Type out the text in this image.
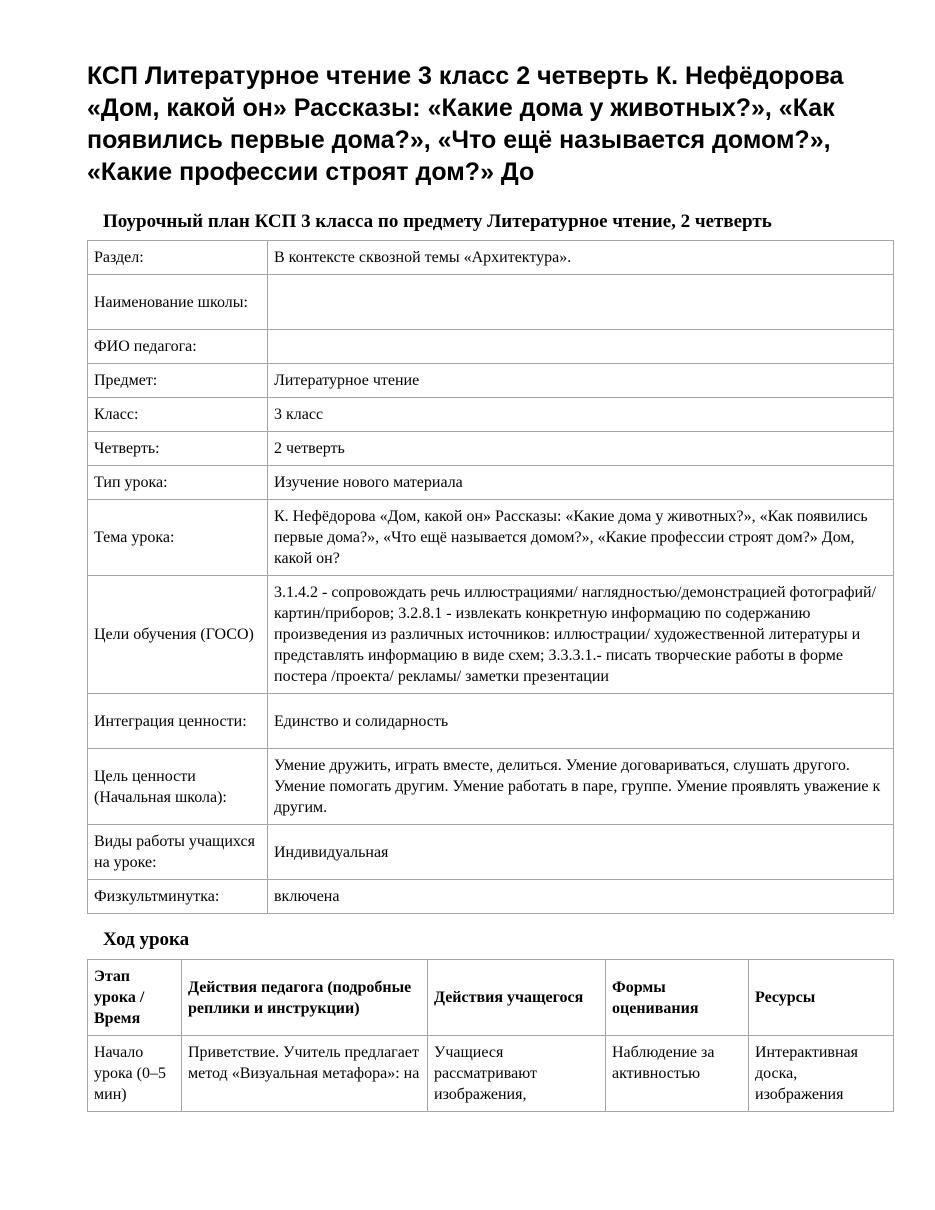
КСП Литературное чтение 3 класс 2 четверть К. Нефёдорова «Дом, какой он» Рассказы: «Какие дома у животных?», «Как появились первые дома?», «Что ещё называется домом?», «Какие профессии строят дом?» До
Поурочный план КСП 3 класса по предмету Литературное чтение, 2 четверть
Раздел:	В контексте сквозной темы «Архитектура».
Наименование школы:	
ФИО педагога:	
Предмет:	Литературное чтение
Класс:	3 класс
Четверть:	2 четверть
Тип урока:	Изучение нового материала
Тема урока:	К. Нефёдорова «Дом, какой он» Рассказы: «Какие дома у животных?», «Как появились первые дома?», «Что ещё называется домом?», «Какие профессии строят дом?» Дом, какой он?
Цели обучения (ГОСО)	3.1.4.2 - сопровождать речь иллюстрациями/ наглядностью/демонстрацией фотографий/картин/приборов; 3.2.8.1 - извлекать конкретную информацию по содержанию произведения из различных источников: иллюстрации/ художественной литературы и представлять информацию в виде схем; 3.3.3.1.- писать творческие работы в форме постера /проекта/ рекламы/ заметки презентации
Интеграция ценности:	Единство и солидарность
Цель ценности (Начальная школа):	Умение дружить, играть вместе, делиться. Умение договариваться, слушать другого. Умение помогать другим. Умение работать в паре, группе. Умение проявлять уважение к другим.
Виды работы учащихся на уроке:	Индивидуальная
Физкультминутка:	включена
Ход урока
Этап урока / Время	Действия педагога (подробные реплики и инструкции)	Действия учащегося	Формы оценивания	Ресурсы
Начало урока (0–5 мин)	Приветствие. Учитель предлагает метод «Визуальная метафора»: на	Учащиеся рассматривают изображения,	Наблюдение за активностью	Интерактивная доска, изображения
